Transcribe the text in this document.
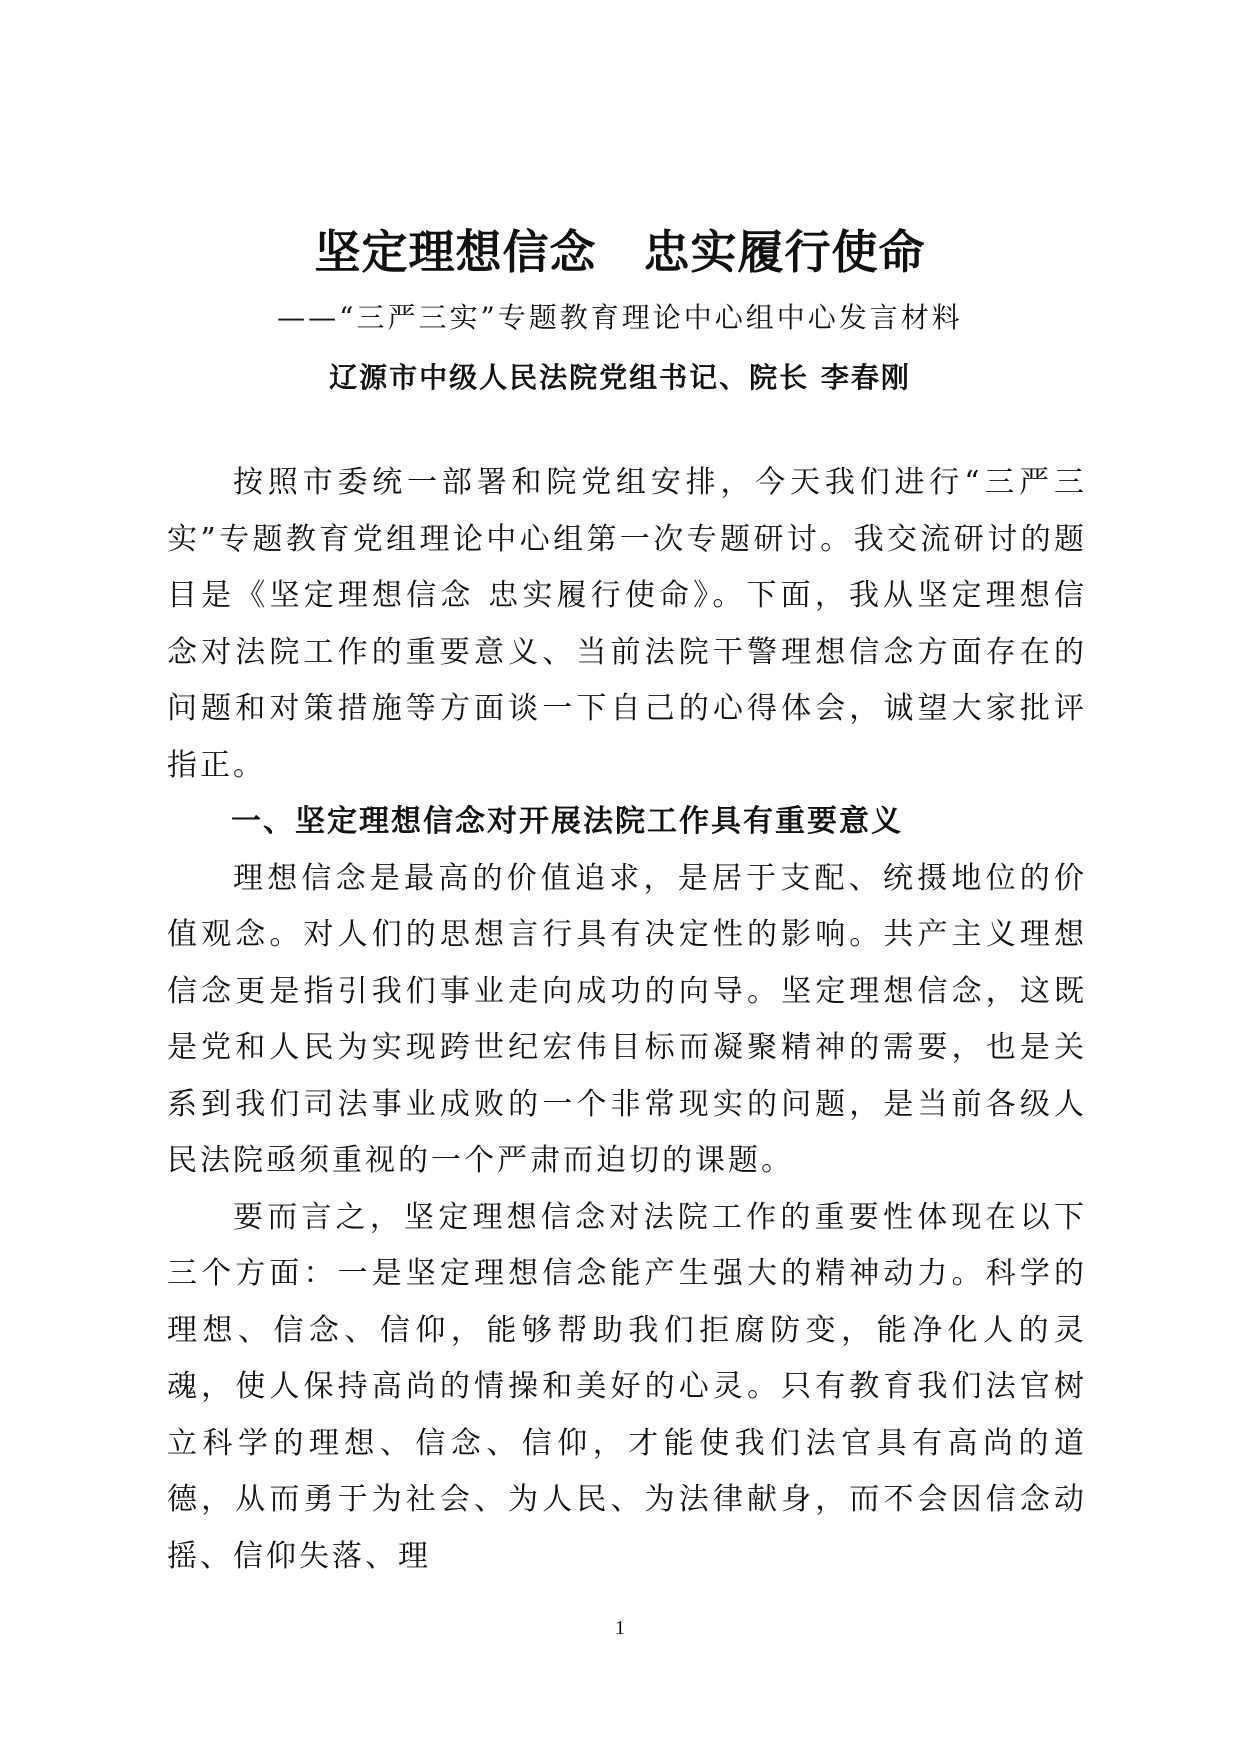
坚定理想信念　忠实履行使命
——“三严三实”专题教育理论中心组中心发言材料
辽源市中级人民法院党组书记、院长 李春刚

按照市委统一部署和院党组安排，今天我们进行“三严三实”专题教育党组理论中心组第一次专题研讨。我交流研讨的题目是《坚定理想信念 忠实履行使命》。下面，我从坚定理想信念对法院工作的重要意义、当前法院干警理想信念方面存在的问题和对策措施等方面谈一下自己的心得体会，诚望大家批评指正。

一、坚定理想信念对开展法院工作具有重要意义

理想信念是最高的价值追求，是居于支配、统摄地位的价值观念。对人们的思想言行具有决定性的影响。共产主义理想信念更是指引我们事业走向成功的向导。坚定理想信念，这既是党和人民为实现跨世纪宏伟目标而凝聚精神的需要，也是关系到我们司法事业成败的一个非常现实的问题，是当前各级人民法院亟须重视的一个严肃而迫切的课题。

要而言之，坚定理想信念对法院工作的重要性体现在以下三个方面：一是坚定理想信念能产生强大的精神动力。科学的理想、信念、信仰，能够帮助我们拒腐防变，能净化人的灵魂，使人保持高尚的情操和美好的心灵。只有教育我们法官树立科学的理想、信念、信仰，才能使我们法官具有高尚的道德，从而勇于为社会、为人民、为法律献身，而不会因信念动摇、信仰失落、理

1
